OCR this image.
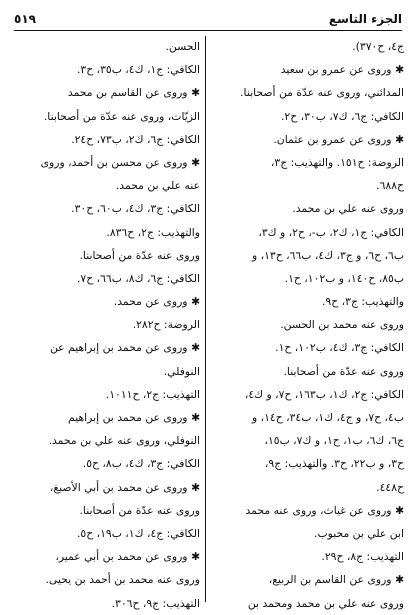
الجزء التاسع
٥١٩
ج٤، ح٣٧٠).
✱ وروى عن عمرو بن سعيد
المدائني، وروى عنه عدّة من أصحابنا.
الكافي: ج٦، ك٧، ب٣٠، ح٢.
✱ وروى عن عمرو بن عثمان.
الروضة: ح١٥١. والتهذيب: ج٣،
ح٦٨٨.
وروى عنه علي بن محمد.
الكافي: ج١، ك٢، ب-، ح٢، و ك٣،
ب٦، ح٦، و ج٣، ك٤، ب٦٦، ح١٣، و
ب٨٥، ح١٤٠، و ب١٠٢، ح١.
والتهذيب: ج٣، ح٩.
وروى عنه محمد بن الحسن.
الكافي: ج٣، ك٤، ب١٠٢، ح١.
وروى عنه عدّة من أصحابنا.
الكافي: ج٢، ك١، ب١٦٣، ح٧، و ك٤،
ب٤، ح٧، و ج٤، ك١، ب٣٤، ح١٤، و
ج٦، ك٦، ب١، ح١، و ك٧، ب١٥،
ح٣، و ب٢٢، ح٣. والتهذيب: ج٩،
ح٤٤٨.
✱ وروى عن غياث، وروى عنه محمد
ابن علي بن محبوب.
التهذيب: ج٨، ح٢٩.
✱ وروى عن القاسم بن الربيع،
وروى عنه علي بن محمد ومحمد بن
الحسن.
الكافي: ج١، ك٤، ب٣٥، ح٣.
✱ وروى عن القاسم بن محمد
الزيّات، وروى عنه عدّة من أصحابنا.
الكافي: ج٦، ك٢، ب٧٣، ح٢٤.
✱ وروى عن محسن بن أحمد، وروى
عنه علي بن محمد.
الكافي: ج٣، ك٤، ب٦٠، ح٣٠.
والتهذيب: ج٢، ح٨٣٦.
وروى عنه عدّة من أصحابنا.
الكافي: ج٦، ك٨، ب٦٦، ح٧.
✱ وروى عن محمد.
الروضة: ح٢٨٢.
✱ وروى عن محمد بن إبراهيم عن
النوفلي.
التهذيب: ج٢، ح١٠١١.
✱ وروى عن محمد بن إبراهيم
النوفلي، وروى عنه علي بن محمد.
الكافي: ج٣، ك٤، ب٨، ح٥.
✱ وروى عن محمد بن أبي الأصبغ،
وروى عنه عدّة من أصحابنا.
الكافي: ج٤، ك١، ب١٩، ح٥.
✱ وروى عن محمد بن أبي عمير،
وروى عنه محمد بن أحمد بن يحيى.
التهذيب: ج٩، ح٣٠٦.
